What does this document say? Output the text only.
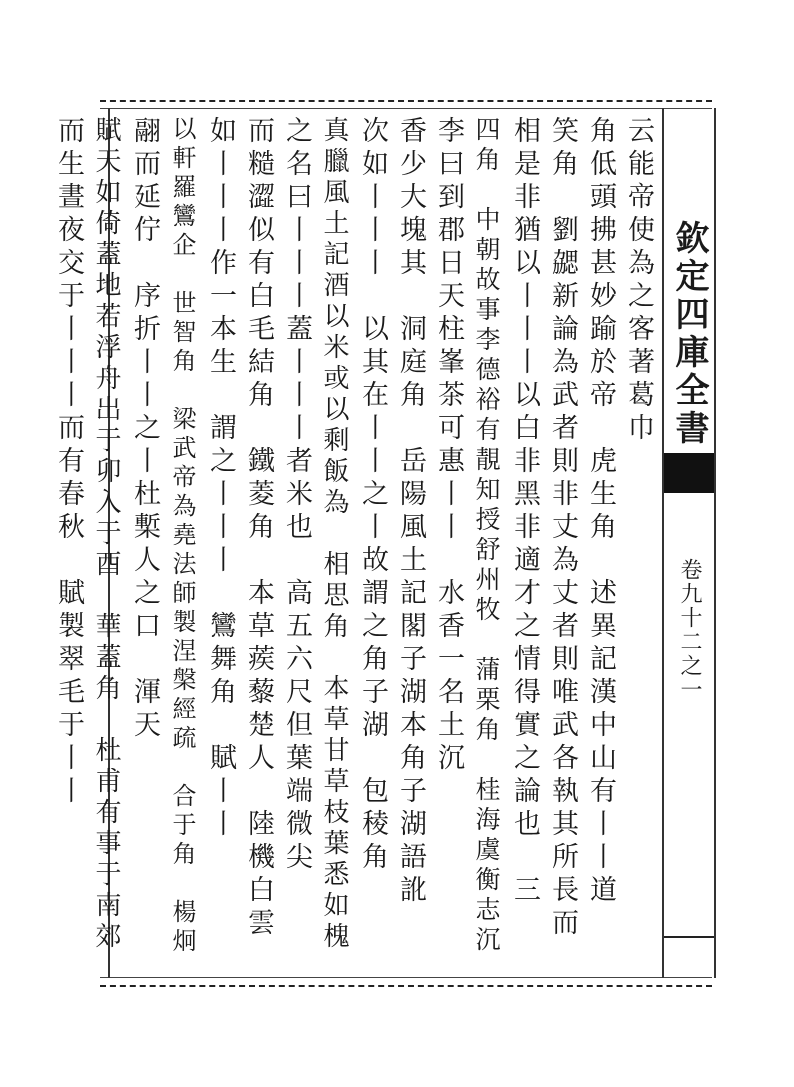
欽定四庫全書
卷九十二之一
云能帝使為之客著葛巾
角低頭拂甚妙踰於帝　虎生角　述異記漢中山有丨丨道
笑角　劉勰新論為武者則非丈為丈者則唯武各執其所長而
相是非猶以丨丨丨以白非黑非適才之情得實之論也　三
四角　中朝故事李德裕有靚知授舒州牧　蒲栗角　桂海虞衡志沉
李曰到郡日天柱峯茶可惠丨丨　水香一名土沉
香少大塊其　洞庭角　岳陽風土記閣子湖本角子湖語訛
次如丨丨丨　以其在丨丨之丨故謂之角子湖　包稜角
真臘風土記酒以米或以剩飯為　相思角　本草甘草枝葉悉如槐
之名曰丨丨丨蓋丨丨丨者米也　高五六尺但葉端微尖
而糙澀似有白毛結角　鐵菱角　本草蒺藜楚人　陸機白雲
如丨丨丨作一本生　謂之丨丨丨　鸞舞角　賦丨丨
以軒羅鸞企　世智角　梁武帝為堯法師製涅槃經疏　合于角　楊炯
翮而延佇　序折丨丨之丨杜槧人之口　渾天
賦天如倚蓋地若浮舟出于卯入于酉　華蓋角　杜甫有事于南郊
而生晝夜交于丨丨丨而有春秋　賦製翠毛于丨丨
